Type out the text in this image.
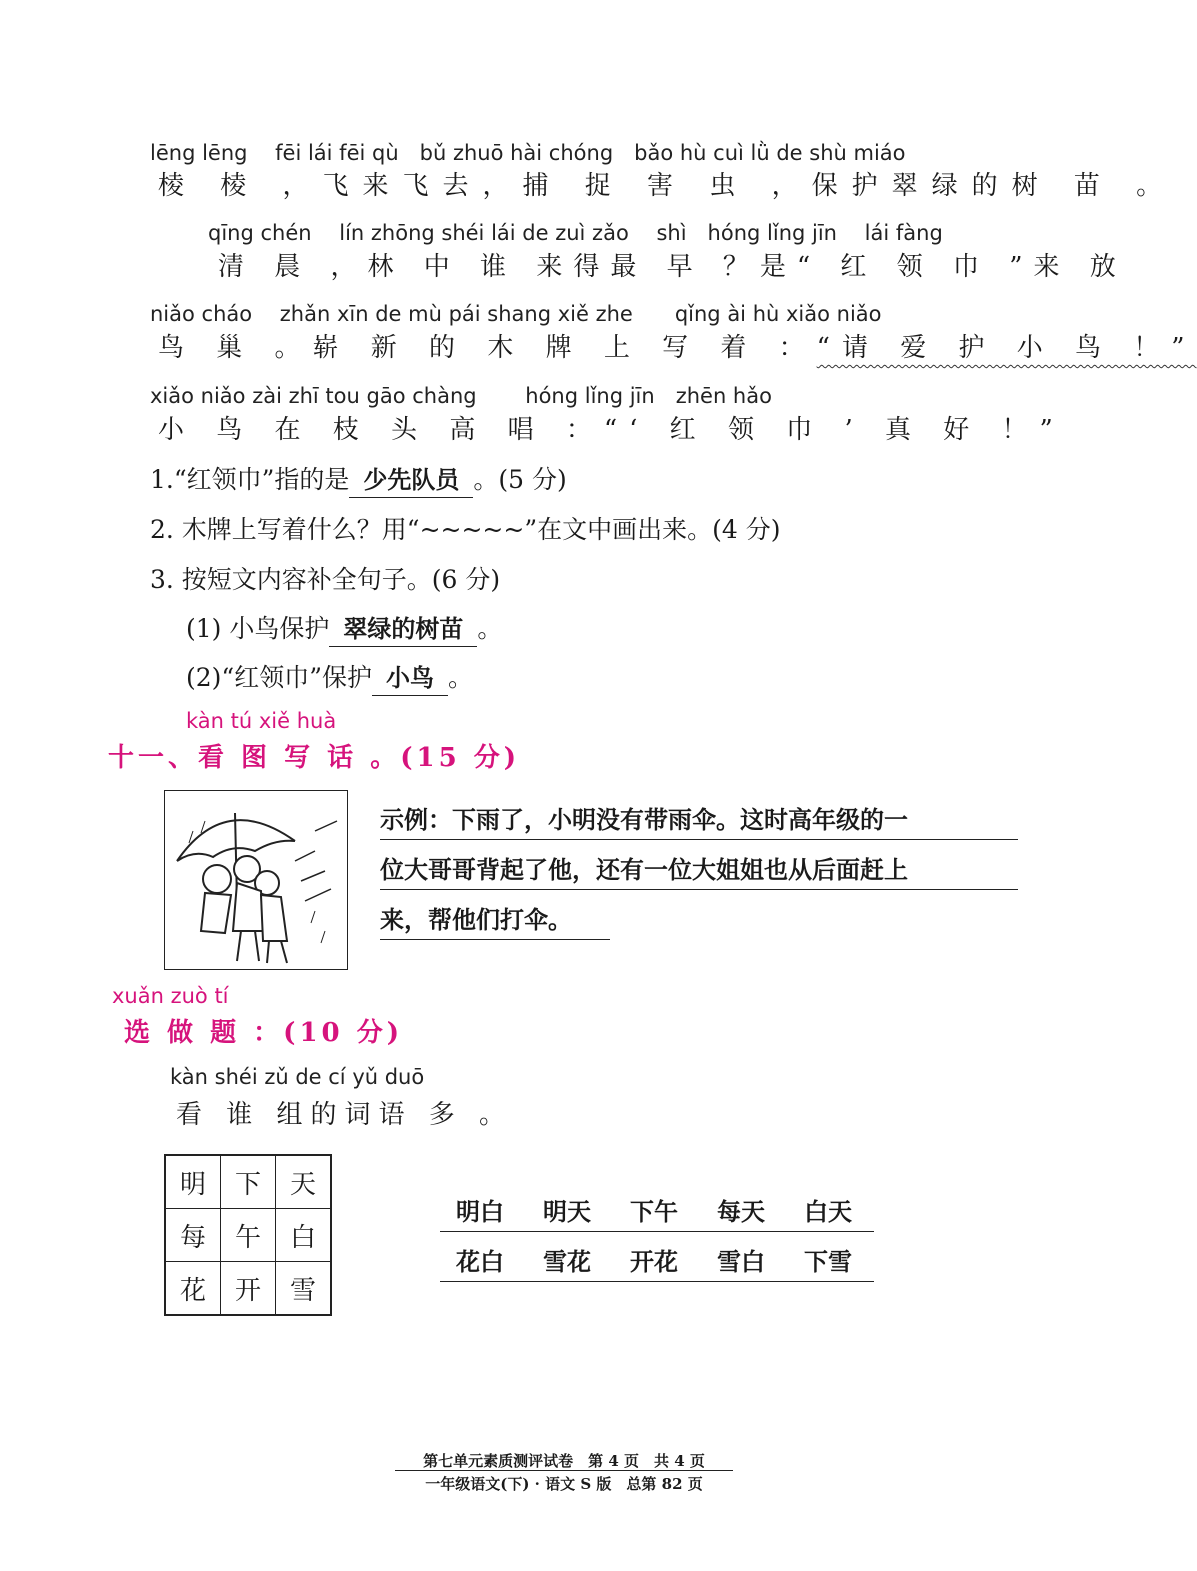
lēng lēng　 fēi lái fēi qù　bǔ zhuō hài chóng　bǎo hù cuì lǜ de shù miáo
棱 棱 ，飞来飞去，捕 捉 害 虫 ，保护翠绿的树 苗 。
qīng chén　 lín zhōng shéi lái de zuì zǎo　 shì　hóng lǐng jīn　 lái fàng
清 晨 ，林 中 谁 来得最 早 ？是“ 红 领 巾 ”来 放
niǎo cháo　 zhǎn xīn de mù pái shang xiě zhe　　qǐng ài hù xiǎo niǎo
鸟 巢 。崭 新 的 木 牌 上 写 着 ：“请 爱 护 小 鸟 ！”
xiǎo niǎo zài zhī tou gāo chàng　　 hóng lǐng jīn　zhēn hǎo
小 鸟 在 枝 头 高 唱 ：“‘ 红 领 巾 ’ 真 好 ！”
1.“红领巾”指的是 少先队员 。(5 分)
2. 木牌上写着什么？用“~~~~~”在文中画出来。(4 分)
3. 按短文内容补全句子。(6 分)
(1) 小鸟保护 翠绿的树苗 。
(2)“红领巾”保护 小鸟 。
kàn tú xiě huà
十一、看 图 写 话 。(15 分)
示例：下雨了，小明没有带雨伞。这时高年级的一
位大哥哥背起了他，还有一位大姐姐也从后面赶上
来，帮他们打伞。
xuǎn zuò tí
选 做 题 ：(10 分)
kàn shéi zǔ de cí yǔ duō
看 谁 组的词语 多 。
明	下	天
每	午	白
花	开	雪
明白 明天 下午 每天 白天
花白 雪花 开花 雪白 下雪
第七单元素质测评试卷　第 4 页　共 4 页
一年级语文(下) · 语文 S 版　总第 82 页
